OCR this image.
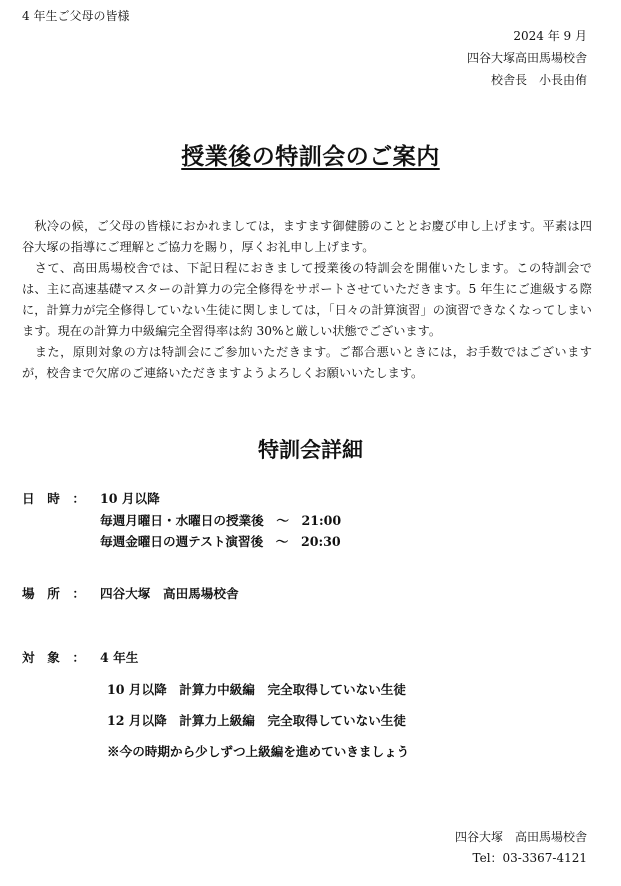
4 年生ご父母の皆様
2024 年 9 月
四谷大塚高田馬場校舎
校舎長　小長由侑
授業後の特訓会のご案内
　秋冷の候，ご父母の皆様におかれましては，ますます御健勝のこととお慶び申し上げます。平素は四谷大塚の指導にご理解とご協力を賜り，厚くお礼申し上げます。
　さて、高田馬場校舎では、下記日程におきまして授業後の特訓会を開催いたします。この特訓会では、主に高速基礎マスターの計算力の完全修得をサポートさせていただきます。5 年生にご進級する際に，計算力が完全修得していない生徒に関しましては，「日々の計算演習」の演習できなくなってしまいます。現在の計算力中級編完全習得率は約 30%と厳しい状態でございます。
　また，原則対象の方は特訓会にご参加いただきます。ご都合悪いときには，お手数ではございますが，校舎まで欠席のご連絡いただきますようよろしくお願いいたします。
特訓会詳細
日　時　： 10 月以降
毎週月曜日・水曜日の授業後　～　21:00
毎週金曜日の週テスト演習後　～　20:30
場　所　： 四谷大塚　高田馬場校舎
対　象　： 4 年生
10 月以降　計算力中級編　完全取得していない生徒
12 月以降　計算力上級編　完全取得していない生徒
※今の時期から少しずつ上級編を進めていきましょう
四谷大塚　高田馬場校舎
Tel：03-3367-4121
